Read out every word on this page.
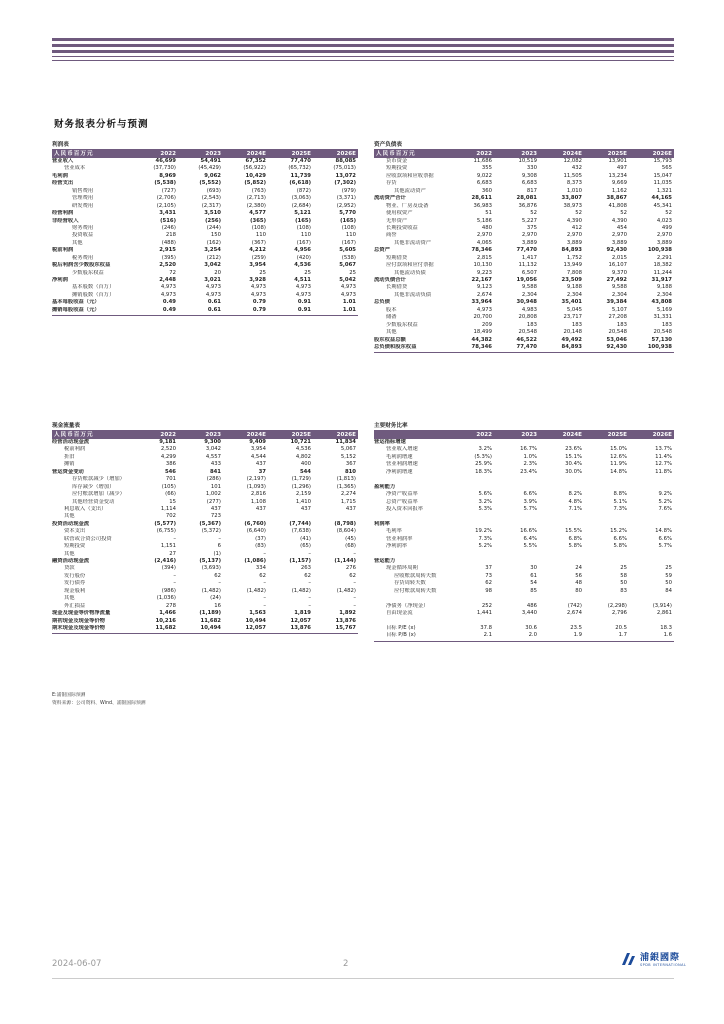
财务报表分析与预测
利润表
人民币百万元	2022	2023	2024E	2025E	2026E
营业收入	46,699	54,491	67,352	77,470	88,085
营业成本	(37,730)	(45,429)	(56,922)	(65,732)	(75,013)
毛利润	8,969	9,062	10,429	11,739	13,072
经营支出	(5,538)	(5,552)	(5,852)	(6,618)	(7,302)
销售费用	(727)	(693)	(763)	(872)	(979)
管理费用	(2,706)	(2,543)	(2,713)	(3,063)	(3,371)
研发费用	(2,105)	(2,317)	(2,380)	(2,684)	(2,952)
经营利润	3,431	3,510	4,577	5,121	5,770
非经营收入	(516)	(256)	(365)	(165)	(165)
财务费用	(246)	(244)	(108)	(108)	(108)
投资收益	218	150	110	110	110
其他	(488)	(162)	(367)	(167)	(167)
税前利润	2,915	3,254	4,212	4,956	5,605
税务费用	(395)	(212)	(259)	(420)	(538)
税后利润含少数股东权益	2,520	3,042	3,954	4,536	5,067
少数股东权益	72	20	25	25	25
净利润	2,448	3,021	3,928	4,511	5,042
基本股数（百万）	4,973	4,973	4,973	4,973	4,973
摊销股数（百万）	4,973	4,973	4,973	4,973	4,973
基本每股收益（元）	0.49	0.61	0.79	0.91	1.01
摊销每股收益（元）	0.49	0.61	0.79	0.91	1.01
资产负债表
人民币百万元	2022	2023	2024E	2025E	2026E
货币资金	11,686	10,519	12,082	13,901	15,793
短期投资	355	330	432	497	565
应收款项和应收票据	9,022	9,308	11,505	13,234	15,047
存货	6,683	6,683	8,373	9,669	11,035
其他流动资产	360	817	1,010	1,162	1,321
流动资产合计	28,611	28,081	33,807	38,867	44,165
物业、厂房及设备	36,983	36,876	38,973	41,808	45,341
使用权资产	51	52	52	52	52
无形资产	5,186	5,227	4,390	4,390	4,023
长期投资收益	480	375	412	454	499
商誉	2,970	2,970	2,970	2,970	2,970
其他非流动资产	4,065	3,889	3,889	3,889	3,889
总资产	78,346	77,470	84,893	92,430	100,938
短期借贷	2,815	1,417	1,752	2,015	2,291
应付款项和应付票据	10,130	11,132	13,949	16,107	18,382
其他流动负债	9,223	6,507	7,808	9,370	11,244
流动负债合计	22,167	19,056	23,509	27,492	31,917
长期借贷	9,123	9,588	9,188	9,588	9,188
其他非流动负债	2,674	2,304	2,304	2,304	2,304
总负债	33,964	30,948	35,401	39,384	43,808
股本	4,973	4,983	5,045	5,107	5,169
储备	20,700	20,808	23,717	27,208	31,331
少数股东权益	209	183	183	183	183
其他	18,499	20,548	20,148	20,548	20,548
股东权益总额	44,382	46,522	49,492	53,046	57,130
总负债和股东权益	78,346	77,470	84,893	92,430	100,938
现金流量表
人民币百万元	2022	2023	2024E	2025E	2026E
经营活动现金流	9,181	9,300	9,409	10,721	11,834
税前利润	2,520	3,042	3,954	4,536	5,067
折旧	4,299	4,557	4,544	4,802	5,152
摊销	386	433	437	400	367
营运资金变动	546	841	37	544	810
存货账款减少（增加）	701	(286)	(2,197)	(1,729)	(1,813)
库存减少（增加）	(105)	101	(1,093)	(1,296)	(1,365)
应付账款增加（减少）	(66)	1,002	2,816	2,159	2,274
其他经营资金变动	15	(277)	1,108	1,410	1,715
利息收入（支出）	1,114	437	437	437	437
其他	702	723
投资活动现金流	(5,577)	(5,367)	(6,760)	(7,744)	(8,798)
资本支出	(6,755)	(5,372)	(6,640)	(7,638)	(8,604)
联营或合资公司投资	–	–	(37)	(41)	(45)
短期投资	1,151	6	(83)	(65)	(68)
其他	27	(1)	–	–	–
融资活动现金流	(2,416)	(5,137)	(1,086)	(1,157)	(1,144)
贷款	(394)	(3,693)	334	263	276
发行股份	–	62	62	62	62
发行债券	–	–	–	–	–
现金股利	(986)	(1,482)	(1,482)	(1,482)	(1,482)
其他	(1,036)	(24)	–	–	–
外汇损益	278	16	–	–	–
现金及现金等价物净流量	1,466	(1,189)	1,563	1,819	1,892
期初现金及现金等价物	10,216	11,682	10,494	12,057	13,876
期末现金及现金等价物	11,682	10,494	12,057	13,876	15,767
主要财务比率
2022	2023	2024E	2025E	2026E
营运指标增速
营业收入增速	3.2%	16.7%	23.6%	15.0%	13.7%
毛利润增速	(5.3%)	1.0%	15.1%	12.6%	11.4%
营业利润增速	25.9%	2.3%	30.4%	11.9%	12.7%
净利润增速	18.3%	23.4%	30.0%	14.8%	11.8%
盈利能力
净资产收益率	5.6%	6.6%	8.2%	8.8%	9.2%
总资产收益率	3.2%	3.9%	4.8%	5.1%	5.2%
投入资本回报率	5.3%	5.7%	7.1%	7.3%	7.6%
利润率
毛利率	19.2%	16.6%	15.5%	15.2%	14.8%
营业利润率	7.3%	6.4%	6.8%	6.6%	6.6%
净利润率	5.2%	5.5%	5.8%	5.8%	5.7%
营运能力
现金循环周期	37	30	24	25	25
应收账款周转天数	73	61	56	58	59
存货周转天数	62	54	48	50	50
应付账款周转天数	98	85	80	83	84
净债务（净现金）	252	486	(742)	(2,298)	(3,914)
自由现金流	1,441	3,440	2,674	2,796	2,861
目标 P/E (x)	37.8	30.6	23.5	20.5	18.3
目标 P/B (x)	2.1	2.0	1.9	1.7	1.6
E:浦银国际预测
资料来源：公司资料、Wind、浦银国际预测
2024-06-07	2
浦銀國際
SPDB INTERNATIONAL
